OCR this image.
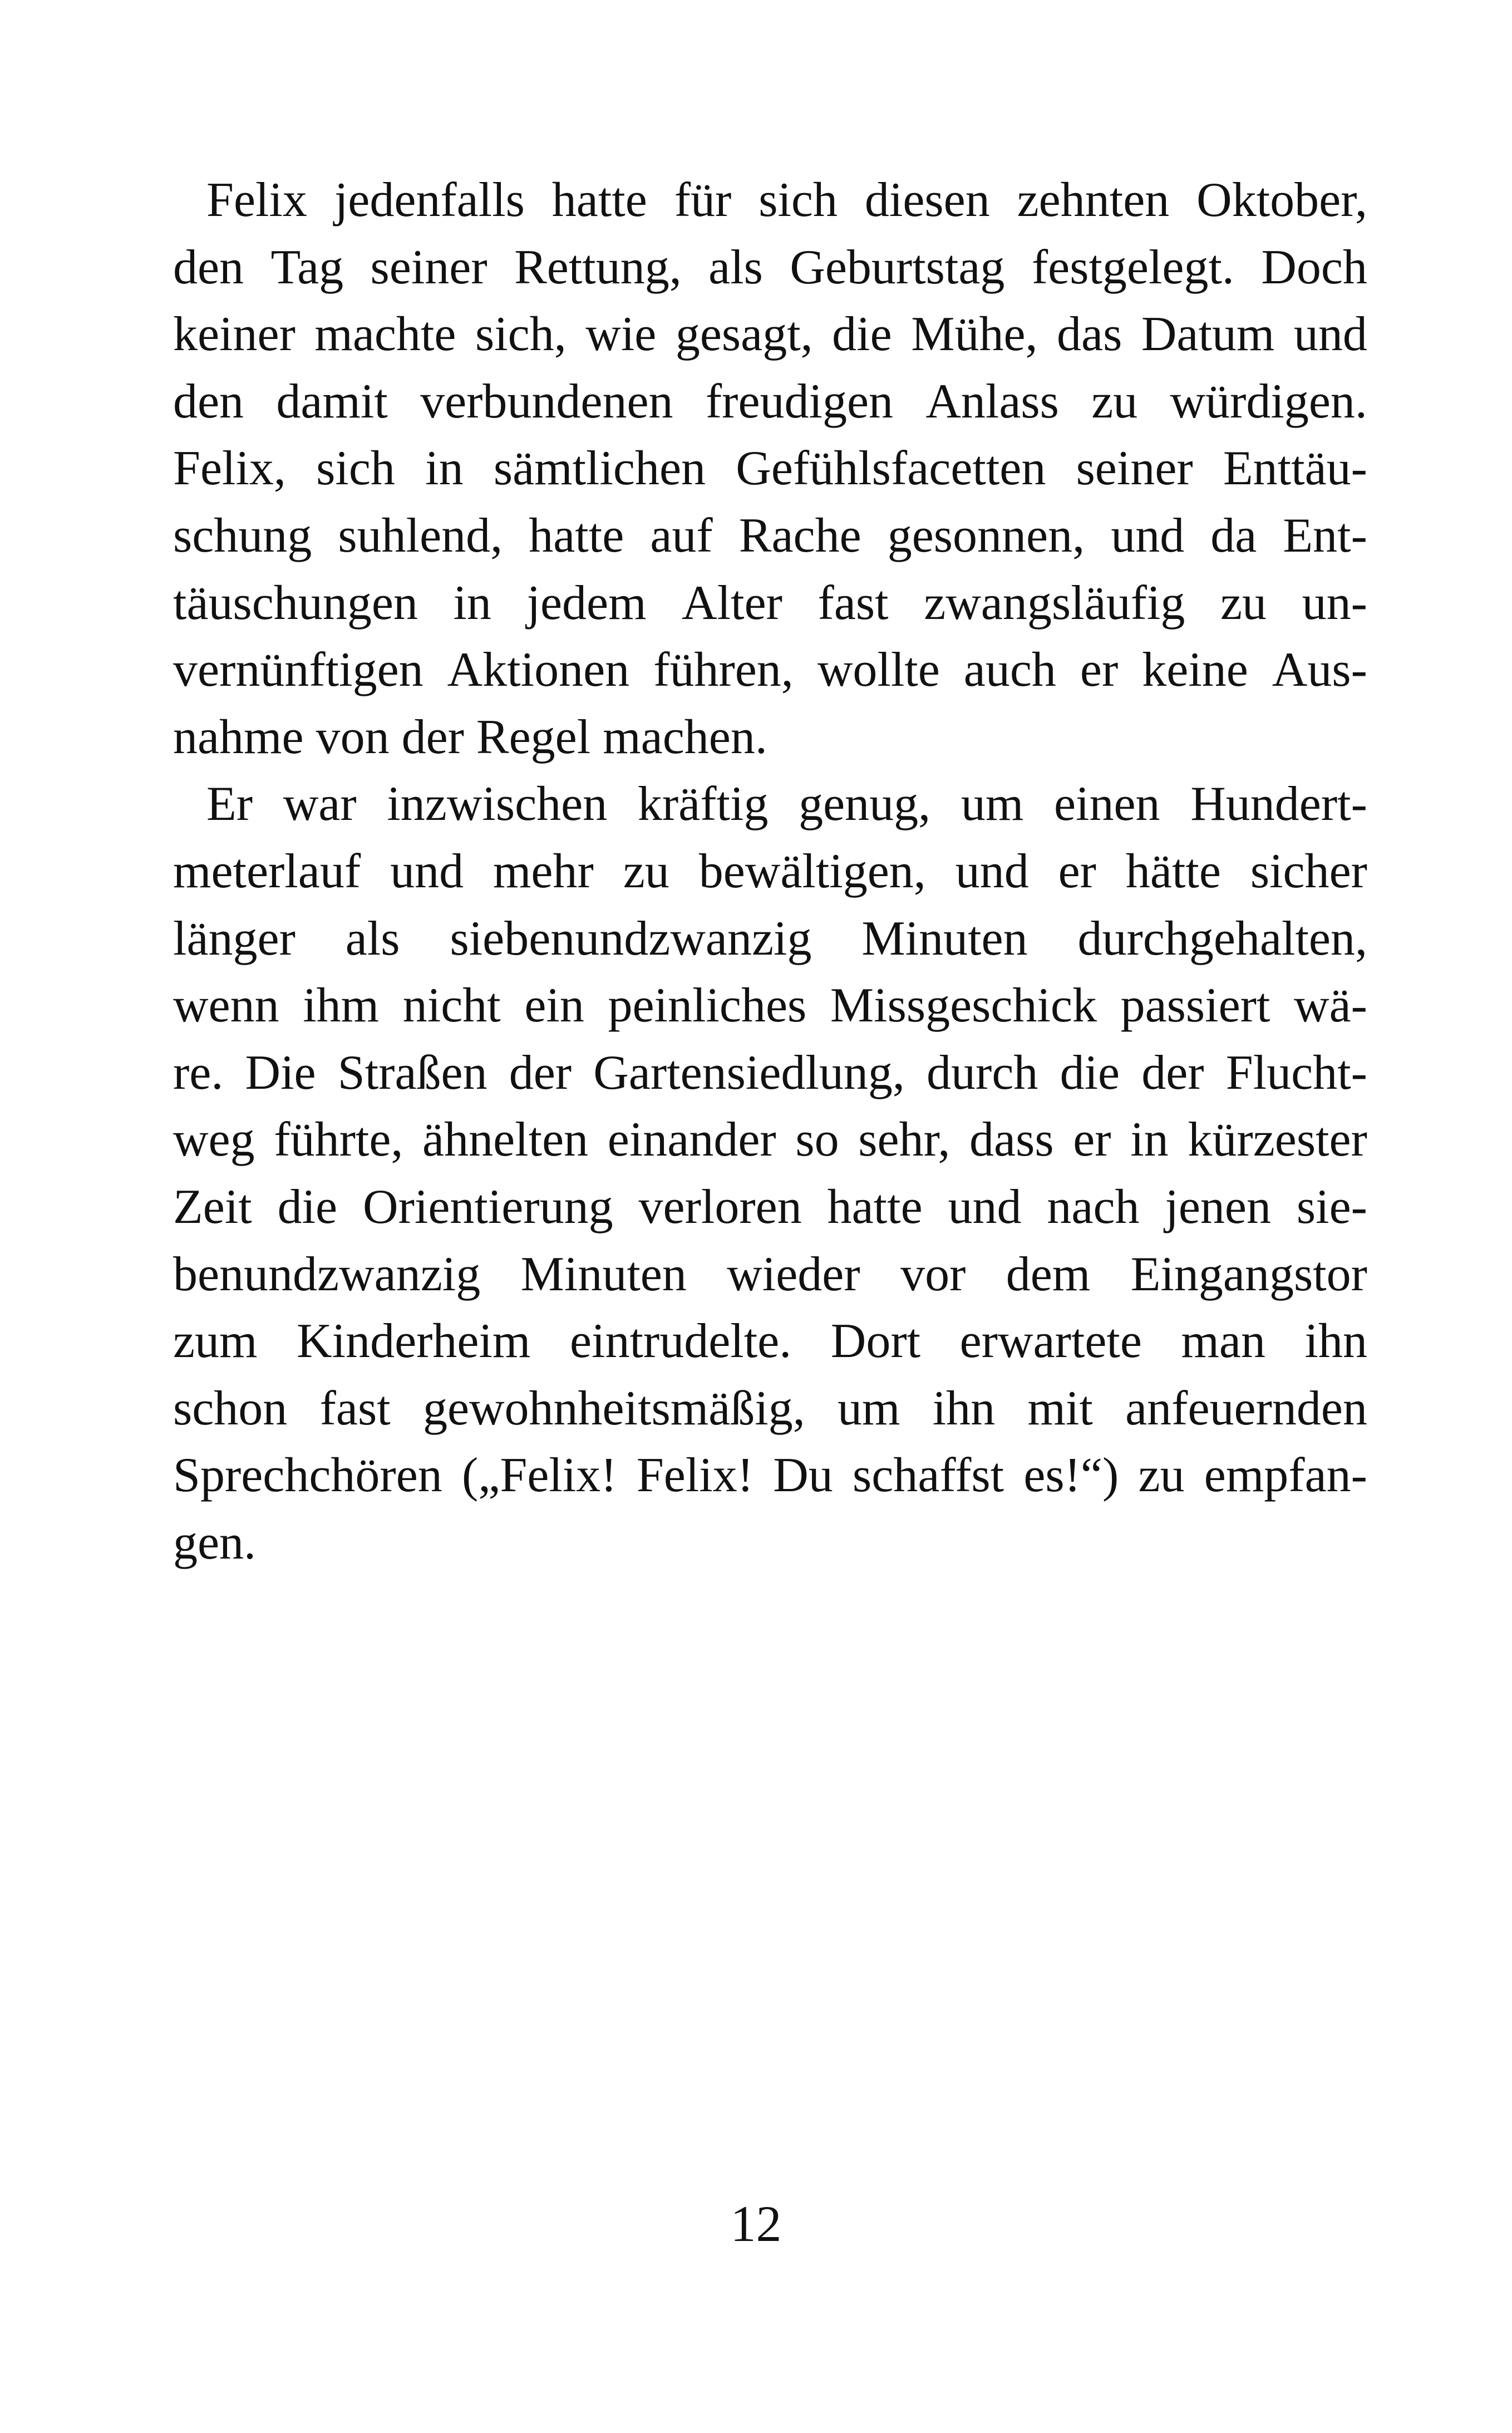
Felix jedenfalls hatte für sich diesen zehnten Oktober,
den Tag seiner Rettung, als Geburtstag festgelegt. Doch
keiner machte sich, wie gesagt, die Mühe, das Datum und
den damit verbundenen freudigen Anlass zu würdigen.
Felix, sich in sämtlichen Gefühlsfacetten seiner Enttäu-
schung suhlend, hatte auf Rache gesonnen, und da Ent-
täuschungen in jedem Alter fast zwangsläufig zu un-
vernünftigen Aktionen führen, wollte auch er keine Aus-
nahme von der Regel machen.

Er war inzwischen kräftig genug, um einen Hundert-
meterlauf und mehr zu bewältigen, und er hätte sicher
länger als siebenundzwanzig Minuten durchgehalten,
wenn ihm nicht ein peinliches Missgeschick passiert wä-
re. Die Straßen der Gartensiedlung, durch die der Flucht-
weg führte, ähnelten einander so sehr, dass er in kürzester
Zeit die Orientierung verloren hatte und nach jenen sie-
benundzwanzig Minuten wieder vor dem Eingangstor
zum Kinderheim eintrudelte. Dort erwartete man ihn
schon fast gewohnheitsmäßig, um ihn mit anfeuernden
Sprechchören („Felix! Felix! Du schaffst es!“) zu empfan-
gen.

12
